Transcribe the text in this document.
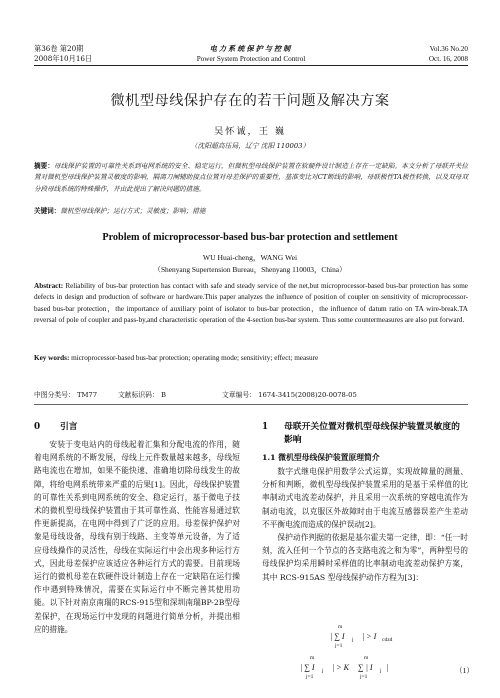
第36卷 第20期
2008年10月16日
电力系统保护与控制
Power System Protection and Control
Vol.36 No.20
Oct. 16, 2008
微机型母线保护存在的若干问题及解决方案
吴怀诚，王 巍
（沈阳超高压局，辽宁 沈阳 110003）
摘要：母线保护装置的可靠性关系到电网系统的安全、稳定运行，但微机型母线保护装置在软硬件设计制造上存在一定缺陷。本文分析了母联开关位置对微机型母线保护装置灵敏度的影响，隔离刀闸辅助接点位置对母差保护的重要性，基准变比对CT断线的影响，母联极性TA极性转换，以及双母双分段母线系统的特殊操作，并由此提出了解决问题的措施。
关键词：微机型母线保护；运行方式；灵敏度；影响；措施
Problem of microprocessor-based bus-bar protection and settlement
WU Huai-cheng，WANG Wei
（Shenyang Supertension Bureau，Shenyang 110003，China）
Abstract: Reliability of bus-bar protection has contact with safe and steady service of the net,but microprocessor-based bus-bar protection has some defects in design and production of software or hardware.This paper analyzes the influence of position of coupler on sensitivity of microprocessor-based bus-bar protection，the importance of auxiliary point of isolator to bus-bar protection，the influence of datum ratio on TA wire-break.TA reversal of pole of coupler and pass-by,and characteristic operation of the 4-section bus-bar system. Thus some countermeasures are also put forward.
Key words: microprocessor-based bus-bar protection; operating mode; sensitivity; effect; measure
中图分类号： TM77	文献标识码： B	文章编号： 1674-3415(2008)20-0078-05
0 引言

安装于变电站内的母线起着汇集和分配电流的作用，随着电网系统的不断发展，母线上元件数量越来越多，母线短路电流也在增加，如果不能快速、准确地切除母线发生的故障，将给电网系统带来严重的后果[1]。因此，母线保护装置的可靠性关系到电网系统的安全、稳定运行，基于微电子技术的微机型母线保护装置由于其可靠性高、性能容易通过软件更新提高，在电网中得到了广泛的应用。母差保护保护对象是母线设备，母线有别于线路、主变等单元设备，为了适应母线操作的灵活性，母线在实际运行中会出现多种运行方式，因此母差保护应该适应各种运行方式的需要。目前现场运行的微机母差在软硬件设计制造上存在一定缺陷在运行操作中遇到特殊情况，需要在实际运行中不断完善其使用功能。以下针对南京南瑞的RCS-915型和深圳南瑞BP-2B型母差保护，在现场运行中发现的问题进行简单分析，并提出相应的措施。

1	母联开关位置对微机型母线保护装置灵敏度的影响
1.1 微机型母线保护装置原理简介

数字式继电保护用数学公式运算，实现故障量的测量、分析和判断，微机型母线保护装置采用的是基于采样值的比率制动式电流差动保护，并且采用一次系统的穿越电流作为制动电流，以克服区外故障时由于电流互感器误差产生差动不平衡电流而造成的保护误动[2]。

保护动作判据的依据是基尔霍夫第一定律，即：“任一时刻，流入任何一个节点的各支路电流之和为零”，两种型号的母线保护均采用瞬时采样值的比率制动电流差动保护方案，其中 RCS-915AS 型母线保护动作方程为[3]：

m
| ∑ I j
j=1
| > I cdzd
m
| ∑ I j
j=1
| > K
m
∑ | I j |
j=1
（1）
